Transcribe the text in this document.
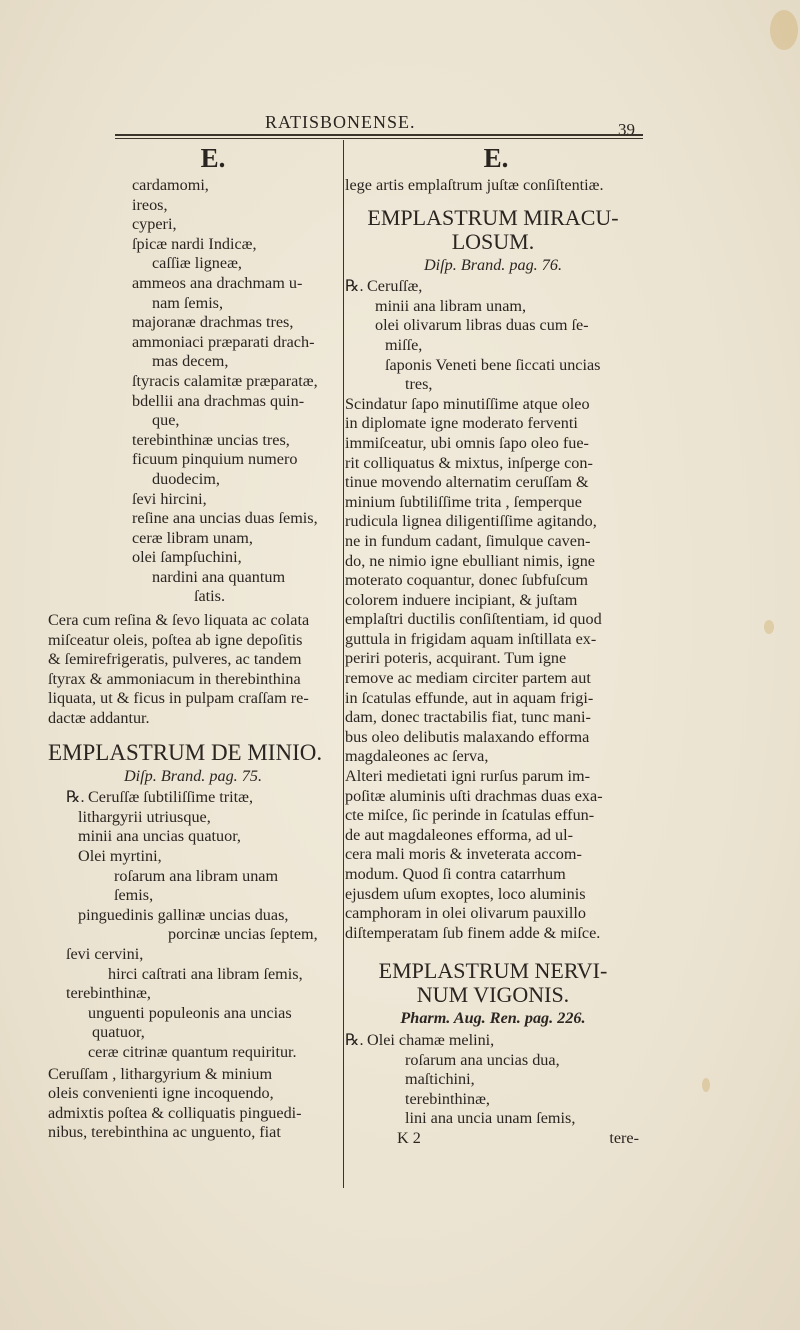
RATISBONENSE.	39
E.
cardamomi,
ireos,
cyperi,
ſpicæ nardi Indicæ,
caſſiæ ligneæ,
ammeos ana drachmam u-
nam ſemis,
majoranæ drachmas tres,
ammoniaci præparati drach-
mas decem,
ſtyracis calamitæ præparatæ,
bdellii ana drachmas quin-
que,
terebinthinæ uncias tres,
ficuum pinquium numero
duodecim,
ſevi hircini,
reſine ana uncias duas ſemis,
ceræ libram unam,
olei ſampſuchini,
nardini ana quantum
ſatis.
Cera cum reſina & ſevo liquata ac colata
miſceatur oleis, poſtea ab igne depoſitis
& ſemirefrigeratis, pulveres, ac tandem
ſtyrax & ammoniacum in therebinthina
liquata, ut & ficus in pulpam craſſam re-
dactæ addantur.
EMPLASTRUM DE MINIO.
Diſp. Brand. pag. 75.
℞. Ceruſſæ ſubtiliſſime tritæ,
lithargyrii utriusque,
minii ana uncias quatuor,
Olei myrtini,
roſarum ana libram unam
ſemis,
pinguedinis gallinæ uncias duas,
porcinæ uncias ſeptem,
ſevi cervini,
hirci caſtrati ana libram ſemis,
terebinthinæ,
unguenti populeonis ana uncias
quatuor,
ceræ citrinæ quantum requiritur.
Ceruſſam , lithargyrium & minium
oleis convenienti igne incoquendo,
admixtis poſtea & colliquatis pinguedi-
nibus, terebinthina ac unguento, fiat
E.
lege artis emplaſtrum juſtæ conſiſtentiæ.
EMPLASTRUM MIRACU-
LOSUM.
Diſp. Brand. pag. 76.
℞. Ceruſſæ,
minii ana libram unam,
olei olivarum libras duas cum ſe-
miſſe,
ſaponis Veneti bene ſiccati uncias
tres,
Scindatur ſapo minutiſſime atque oleo
in diplomate igne moderato ferventi
immiſceatur, ubi omnis ſapo oleo fue-
rit colliquatus & mixtus, inſperge con-
tinue movendo alternatim ceruſſam &
minium ſubtiliſſime trita , ſemperque
rudicula lignea diligentiſſime agitando,
ne in fundum cadant, ſimulque caven-
do, ne nimio igne ebulliant nimis, igne
moterato coquantur, donec ſubfuſcum
colorem induere incipiant, & juſtam
emplaſtri ductilis conſiſtentiam, id quod
guttula in frigidam aquam inſtillata ex-
periri poteris, acquirant. Tum igne
remove ac mediam circiter partem aut
in ſcatulas effunde, aut in aquam frigi-
dam, donec tractabilis fiat, tunc mani-
bus oleo delibutis malaxando efforma
magdaleones ac ſerva,
Alteri medietati igni rurſus parum im-
poſitæ aluminis uſti drachmas duas exa-
cte miſce, ſic perinde in ſcatulas effun-
de aut magdaleones efforma, ad ul-
cera mali moris & inveterata accom-
modum. Quod ſi contra catarrhum
ejusdem uſum exoptes, loco aluminis
camphoram in olei olivarum pauxillo
diſtemperatam ſub finem adde & miſce.
EMPLASTRUM NERVI-
NUM VIGONIS.
Pharm. Aug. Ren. pag. 226.
℞. Olei chamæ melini,
roſarum ana uncias dua,
maſtichini,
terebinthinæ,
lini ana uncia unam ſemis,
K 2	tere-
